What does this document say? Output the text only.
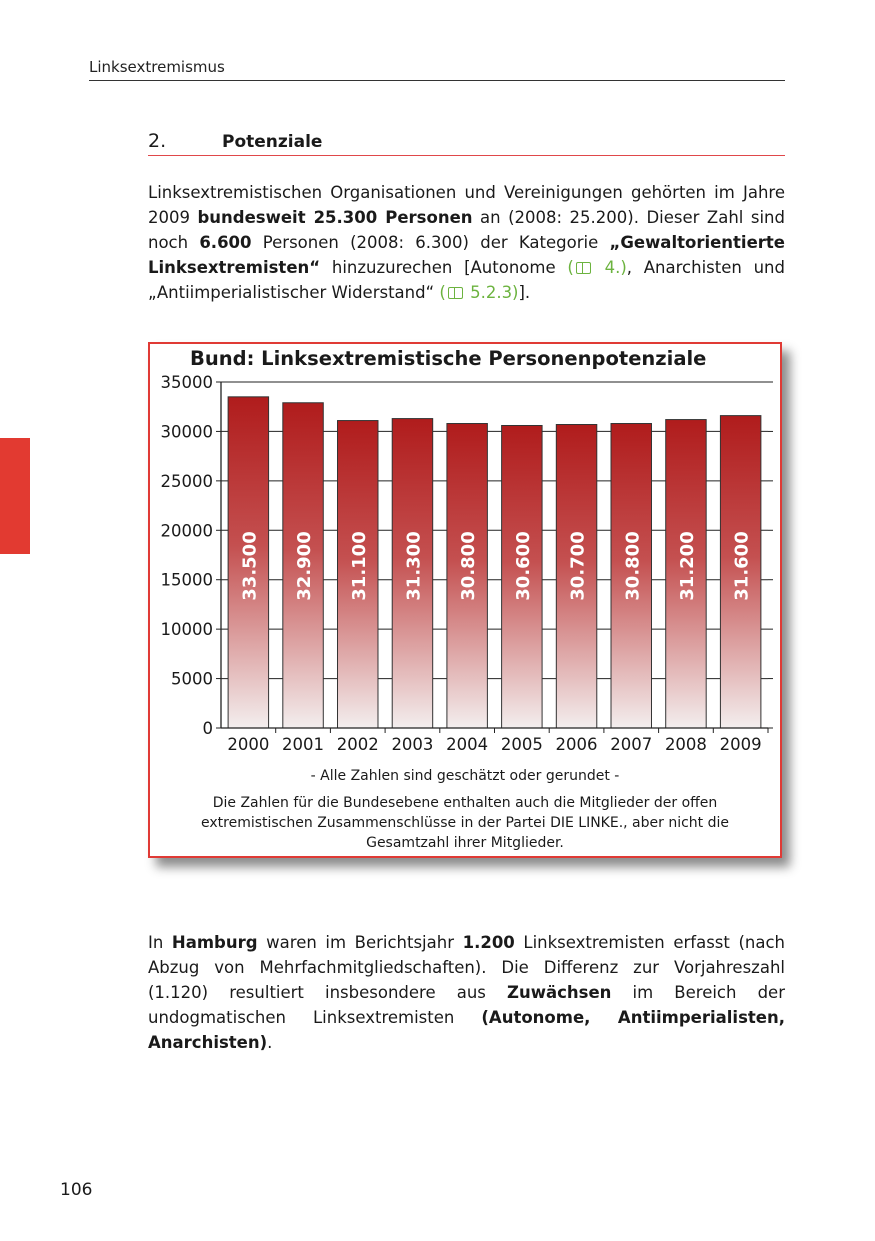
Linksextremismus
2.	Potenziale
Linksextremistischen Organisationen und Vereinigungen gehörten im Jahre 2009 bundesweit 25.300 Personen an (2008: 25.200). Dieser Zahl sind noch 6.600 Personen (2008: 6.300) der Kategorie „Gewaltorientierte Linksextremisten“ hinzuzurechen [Autonome ( 4.), Anarchisten und „Antiimperialistischer Widerstand“ ( 5.2.3)].
33.500 32.900 31.100 31.300 30.800 30.600 30.700 30.800 31.200 31.600
0
5000
10000
15000
20000
25000
30000
35000
2000 2001 2002 2003 2004 2005 2006 2007 2008 2009
Bund: Linksextremistische Personenpotenziale
- Alle Zahlen sind geschätzt oder gerundet -
Die Zahlen für die Bundesebene enthalten auch die Mitglieder der offen
extremistischen Zusammenschlüsse in der Partei DIE LINKE., aber nicht die
Gesamtzahl ihrer Mitglieder.
In Hamburg waren im Berichtsjahr 1.200 Linksextremisten erfasst (nach Abzug von Mehrfachmitgliedschaften). Die Differenz zur Vorjahreszahl (1.120) resultiert insbesondere aus Zuwächsen im Bereich der undogmatischen Linksextremisten (Autonome, Antiimperialisten, Anarchisten).
106
